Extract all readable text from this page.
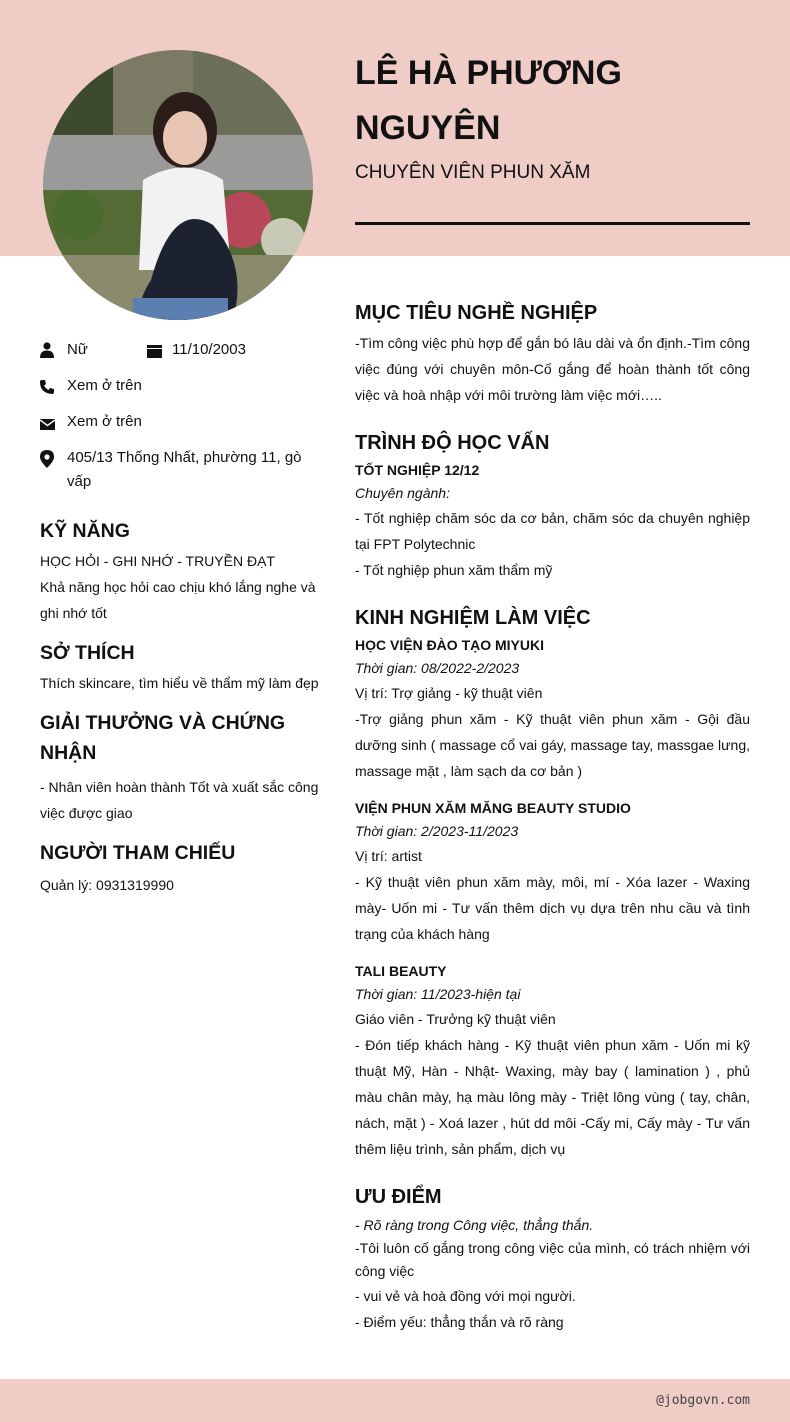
LÊ HÀ PHƯƠNG NGUYÊN
CHUYÊN VIÊN PHUN XĂM
Nữ	11/10/2003
Xem ở trên
Xem ở trên
405/13 Thống Nhất, phường 11, gò vấp
KỸ NĂNG
HỌC HỎI - GHI NHỚ - TRUYỀN ĐẠT
Khả năng học hỏi cao chịu khó lắng nghe và ghi nhớ tốt
SỞ THÍCH
Thích skincare, tìm hiểu về thẩm mỹ làm đẹp
GIẢI THƯỞNG VÀ CHỨNG NHẬN
- Nhân viên hoàn thành Tốt và xuất sắc công việc được giao
NGƯỜI THAM CHIẾU
Quản lý: 0931319990
MỤC TIÊU NGHỀ NGHIỆP
-Tìm công việc phù hợp để gắn bó lâu dài và ổn định.-Tìm công việc đúng với chuyên môn-Cố gắng để hoàn thành tốt công việc và hoà nhập với môi trường làm việc mới…..
TRÌNH ĐỘ HỌC VẤN
TỐT NGHIỆP 12/12
Chuyên ngành:
- Tốt nghiệp chăm sóc da cơ bản, chăm sóc da chuyên nghiệp tại FPT Polytechnic
- Tốt nghiệp phun xăm thẩm mỹ
KINH NGHIỆM LÀM VIỆC
HỌC VIỆN ĐÀO TẠO MIYUKI
Thời gian: 08/2022-2/2023
Vị trí: Trợ giảng - kỹ thuật viên
-Trợ giảng phun xăm - Kỹ thuật viên phun xăm - Gội đầu dưỡng sinh ( massage cổ vai gáy, massage tay, massgae lưng, massage mặt , làm sạch da cơ bản )
VIỆN PHUN XĂM MĂNG BEAUTY STUDIO
Thời gian: 2/2023-11/2023
Vị trí: artist
- Kỹ thuật viên phun xăm mày, môi, mí - Xóa lazer - Waxing mày- Uốn mi - Tư vấn thêm dịch vụ dựa trên nhu cầu và tình trạng của khách hàng
TALI BEAUTY
Thời gian: 11/2023-hiện tại
Giáo viên - Trưởng kỹ thuật viên
- Đón tiếp khách hàng - Kỹ thuật viên phun xăm - Uốn mi kỹ thuật Mỹ, Hàn - Nhật- Waxing, mày bay ( lamination ) , phủ màu chân mày, hạ màu lông mày - Triệt lông vùng ( tay, chân, nách, mặt ) - Xoá lazer , hút dd môi -Cấy mi, Cấy mày - Tư vấn thêm liệu trình, sản phẩm, dịch vụ
ƯU ĐIỂM
- Rõ ràng trong Công việc, thẳng thắn.
-Tôi luôn cố gắng trong công việc của mình, có trách nhiệm với công việc
- vui vẻ và hoà đồng với mọi người.
- Điểm yếu: thẳng thắn và rõ ràng
@jobgovn.com
